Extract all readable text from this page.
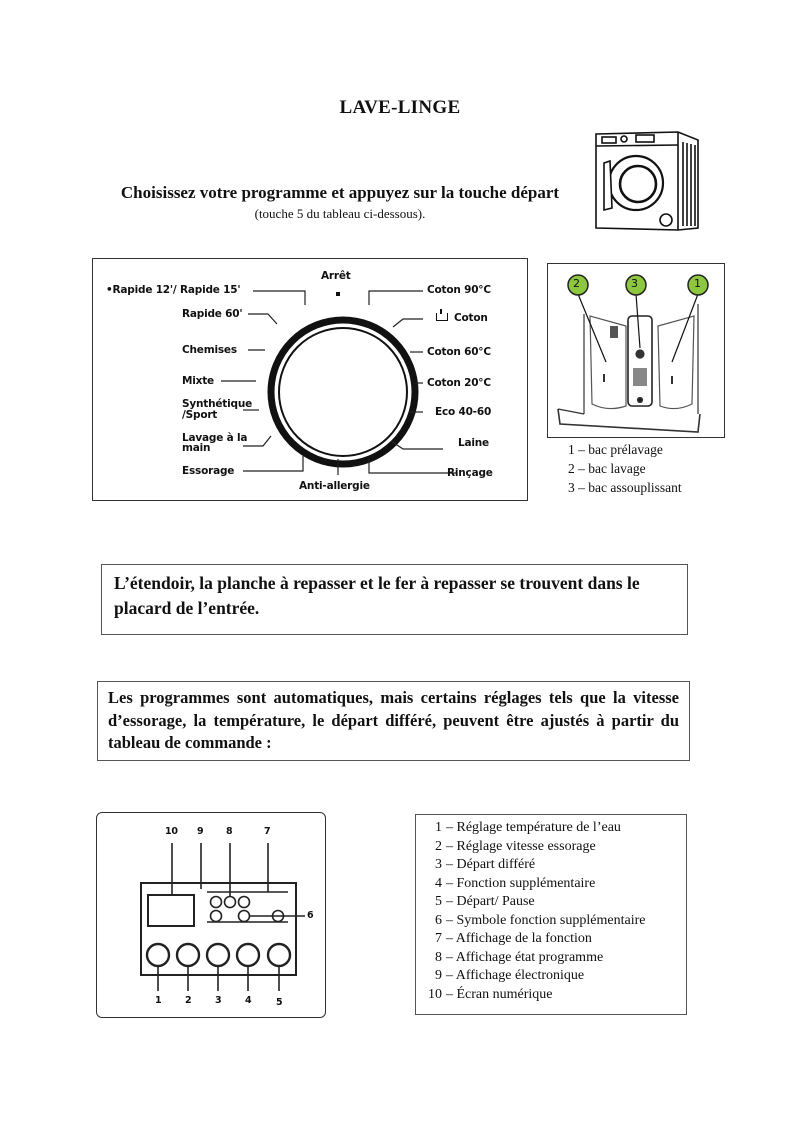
LAVE-LINGE
Choisissez votre programme et appuyez sur la touche départ
(touche 5 du tableau ci-dessous).
Arrêt
•Rapide 12'/ Rapide 15'
Rapide 60'
Chemises
Mixte
Synthétique
/Sport
Lavage à la
main
Essorage
Coton 90°C
Coton
Coton 60°C
Coton 20°C
Eco 40-60
Laine
Rinçage
Anti-allergie
2	3	1
1 – bac prélavage
2 – bac lavage
3 – bac assouplissant
L’étendoir, la planche à repasser et le fer à repasser se trouvent dans le placard de l’entrée.
Les programmes sont automatiques, mais certains réglages tels que la vitesse d’essorage, la température, le départ différé, peuvent être ajustés à partir du tableau de commande :
10 9 8	7
6
1 2 3 4	5
1 – Réglage température de l’eau
2 – Réglage vitesse essorage
3 – Départ différé
4 – Fonction supplémentaire
5 – Départ/ Pause
6 – Symbole fonction supplémentaire
7 – Affichage de la fonction
8 – Affichage état programme
9 – Affichage électronique
10 – Écran numérique
